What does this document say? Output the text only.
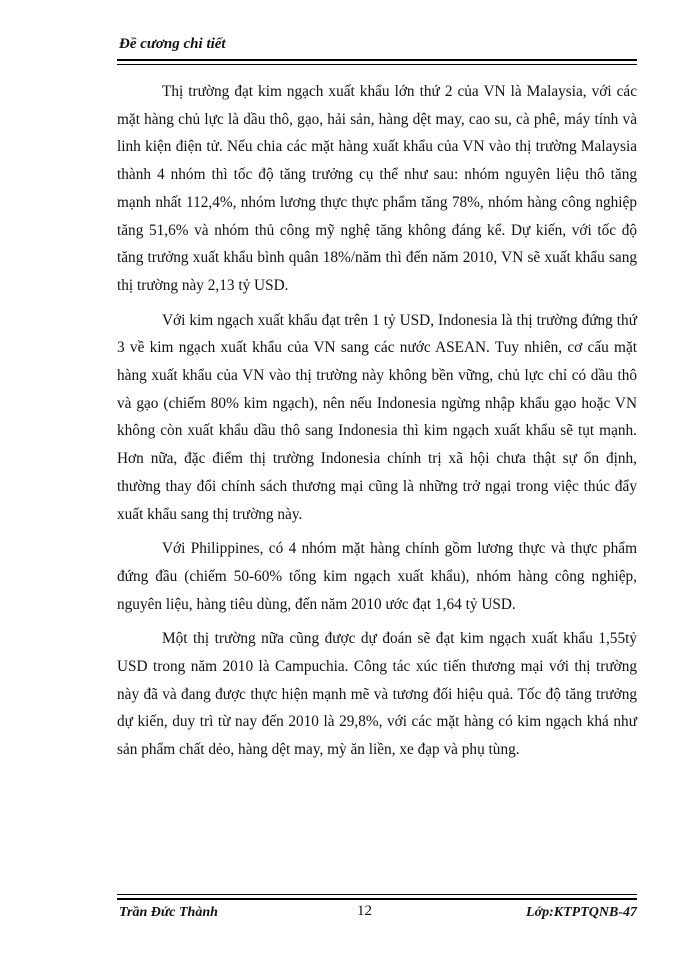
Đề cương chi tiết

Thị trường đạt kim ngạch xuất khẩu lớn thứ 2 của VN là Malaysia, với các mặt hàng chủ lực là dầu thô, gạo, hải sản, hàng dệt may, cao su, cà phê, máy tính và linh kiện điện tử. Nếu chia các mặt hàng xuất khẩu của VN vào thị trường Malaysia thành 4 nhóm thì tốc độ tăng trưởng cụ thể như sau: nhóm nguyên liệu thô tăng mạnh nhất 112,4%, nhóm lương thực thực phẩm tăng 78%, nhóm hàng công nghiệp tăng 51,6% và nhóm thủ công mỹ nghệ tăng không đáng kể. Dự kiến, với tốc độ tăng trưởng xuất khẩu bình quân 18%/năm thì đến năm 2010, VN sẽ xuất khẩu sang thị trường này 2,13 tỷ USD.

Với kim ngạch xuất khẩu đạt trên 1 tỷ USD, Indonesia là thị trường đứng thứ 3 về kim ngạch xuất khẩu của VN sang các nước ASEAN. Tuy nhiên, cơ cấu mặt hàng xuất khẩu của VN vào thị trường này không bền vững, chủ lực chỉ có dầu thô và gạo (chiếm 80% kim ngạch), nên nếu Indonesia ngừng nhập khẩu gạo hoặc VN không còn xuất khẩu dầu thô sang Indonesia thì kim ngạch xuất khẩu sẽ tụt mạnh. Hơn nữa, đặc điểm thị trường Indonesia chính trị xã hội chưa thật sự ổn định, thường thay đổi chính sách thương mại cũng là những trở ngại trong việc thúc đẩy xuất khẩu sang thị trường này.

Với Philippines, có 4 nhóm mặt hàng chính gồm lương thực và thực phẩm đứng đầu (chiếm 50-60% tổng kim ngạch xuất khẩu), nhóm hàng công nghiệp, nguyên liệu, hàng tiêu dùng, đến năm 2010 ước đạt 1,64 tỷ USD.

Một thị trường nữa cũng được dự đoán sẽ đạt kim ngạch xuất khẩu 1,55tỷ USD trong năm 2010 là Campuchia. Công tác xúc tiến thương mại với thị trường này đã và đang được thực hiện mạnh mẽ và tương đối hiệu quả. Tốc độ tăng trưởng dự kiến, duy trì từ nay đến 2010 là 29,8%, với các mặt hàng có kim ngạch khá như sản phẩm chất dẻo, hàng dệt may, mỳ ăn liền, xe đạp và phụ tùng.

Trần Đức Thành	12	Lớp:KTPTQNB-47
